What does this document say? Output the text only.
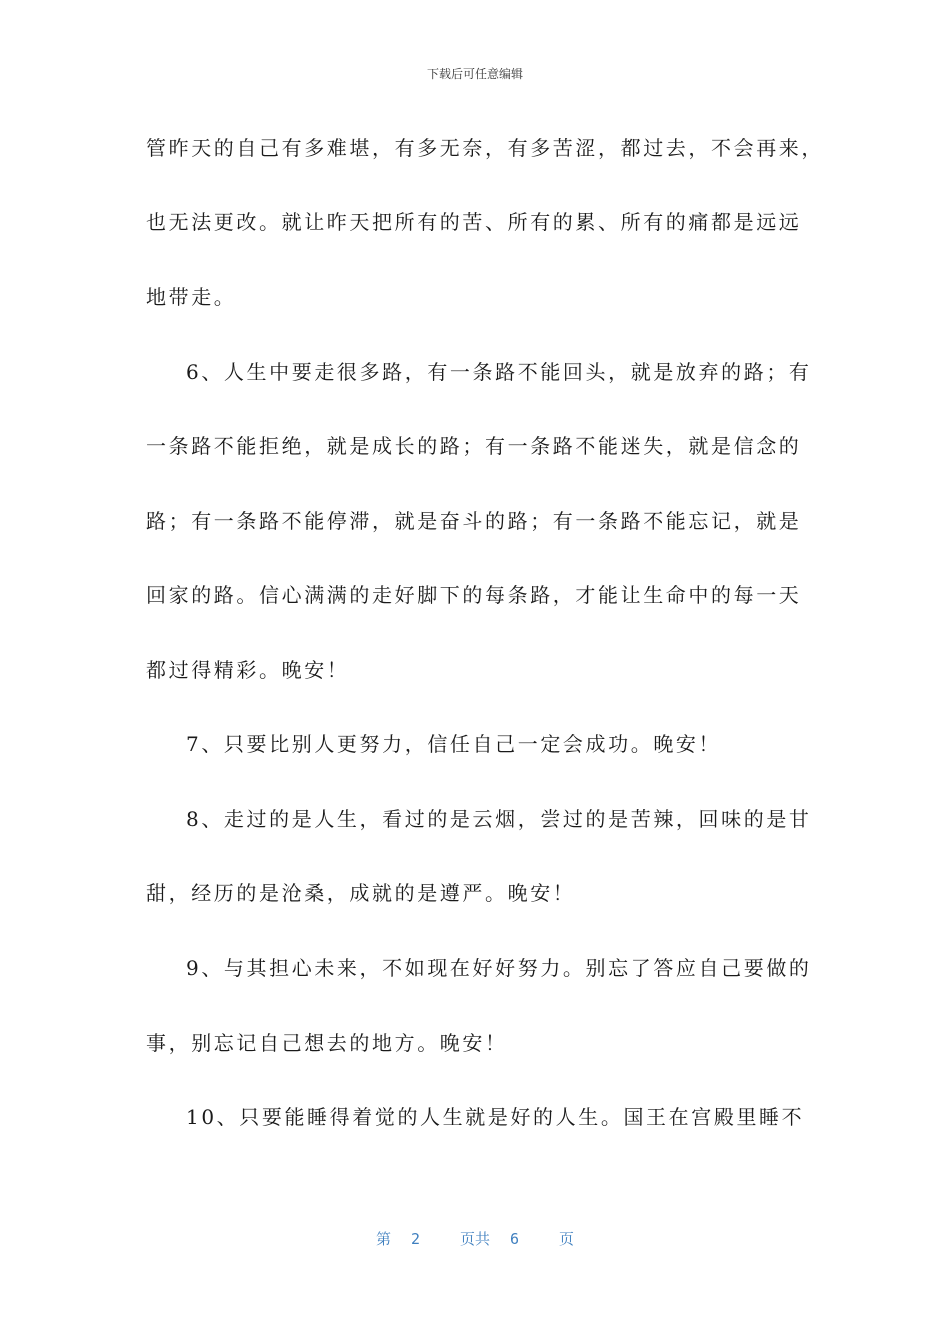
下载后可任意编辑
管昨天的自己有多难堪，有多无奈，有多苦涩，都过去，不会再来，
也无法更改。就让昨天把所有的苦、所有的累、所有的痛都是远远
地带走。
6、人生中要走很多路，有一条路不能回头，就是放弃的路；有
一条路不能拒绝，就是成长的路；有一条路不能迷失，就是信念的
路；有一条路不能停滞，就是奋斗的路；有一条路不能忘记，就是
回家的路。信心满满的走好脚下的每条路，才能让生命中的每一天
都过得精彩。晚安！
7、只要比别人更努力，信任自己一定会成功。晚安！
8、走过的是人生，看过的是云烟，尝过的是苦辣，回味的是甘
甜，经历的是沧桑，成就的是遵严。晚安！
9、与其担心未来，不如现在好好努力。别忘了答应自己要做的
事，别忘记自己想去的地方。晚安！
10、只要能睡得着觉的人生就是好的人生。国王在宫殿里睡不
第 2	页共 6	页
